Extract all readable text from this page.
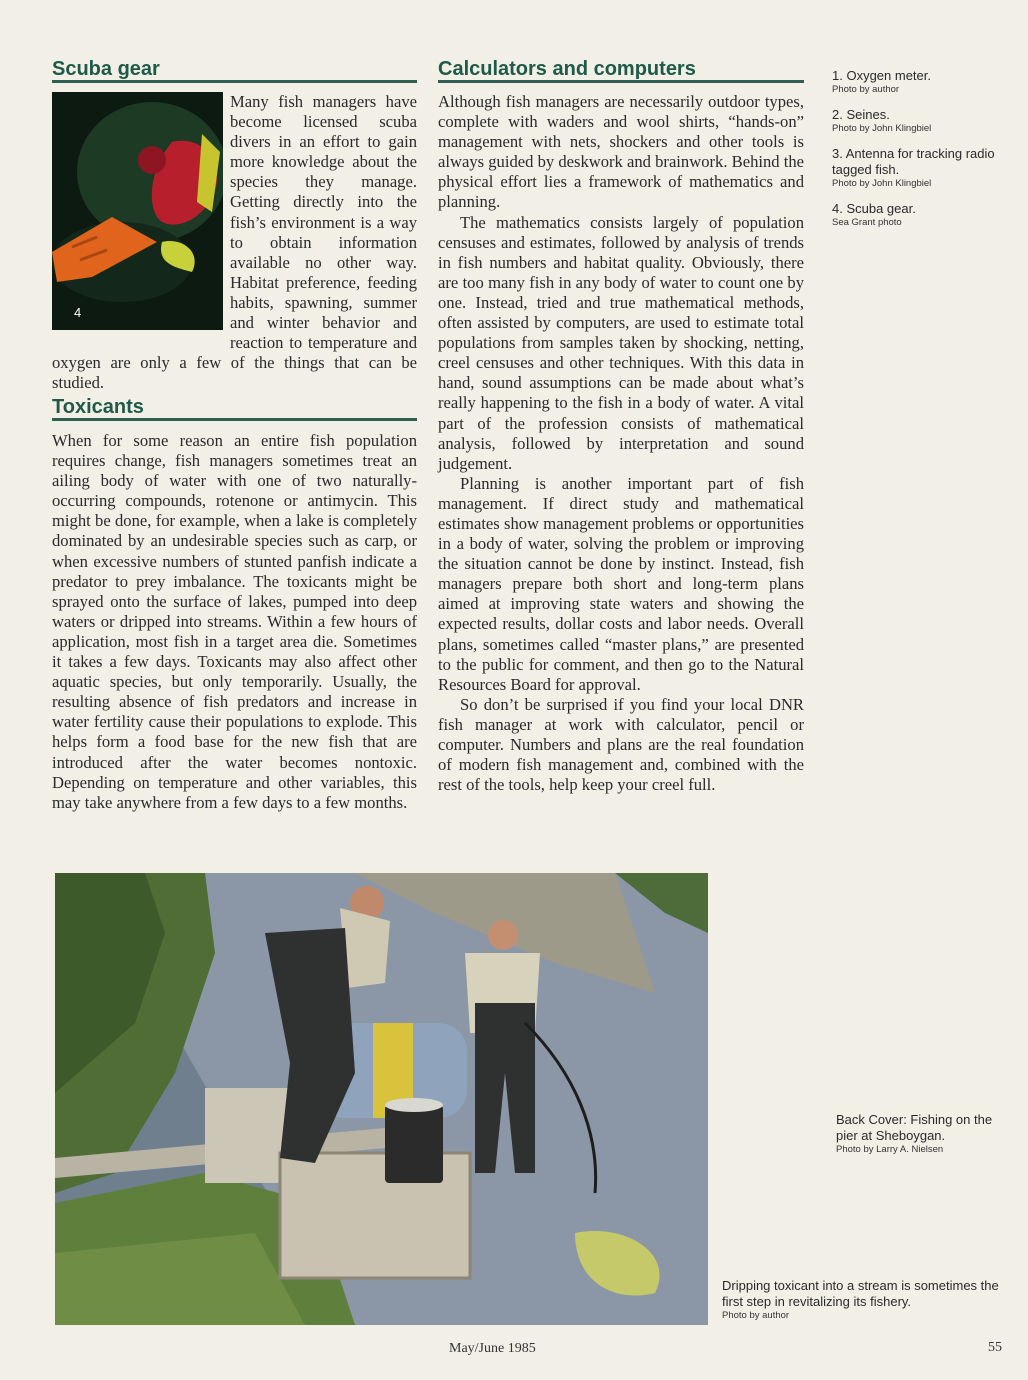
Scuba gear
4
Many fish managers have become licensed scuba divers in an effort to gain more knowledge about the species they manage. Getting directly into the fish’s environment is a way to obtain information available no other way. Habitat preference, feeding habits, spawning, summer and winter behavior and reaction to temperature and oxygen are only a few of the things that can be studied.
Toxicants
When for some reason an entire fish population requires change, fish managers sometimes treat an ailing body of water with one of two naturally-occurring compounds, rotenone or antimycin. This might be done, for example, when a lake is completely dominated by an undesirable species such as carp, or when excessive numbers of stunted panfish indicate a predator to prey imbalance. The toxicants might be sprayed onto the surface of lakes, pumped into deep waters or dripped into streams. Within a few hours of application, most fish in a target area die. Sometimes it takes a few days. Toxicants may also affect other aquatic species, but only temporarily. Usually, the resulting absence of fish predators and increase in water fertility cause their populations to explode. This helps form a food base for the new fish that are introduced after the water becomes nontoxic. Depending on temperature and other variables, this may take anywhere from a few days to a few months.
Calculators and computers

Although fish managers are necessarily outdoor types, complete with waders and wool shirts, “hands-on” management with nets, shockers and other tools is always guided by deskwork and brainwork. Behind the physical effort lies a framework of mathematics and planning.

The mathematics consists largely of population censuses and estimates, followed by analysis of trends in fish numbers and habitat quality. Obviously, there are too many fish in any body of water to count one by one. Instead, tried and true mathematical methods, often assisted by computers, are used to estimate total populations from samples taken by shocking, netting, creel censuses and other techniques. With this data in hand, sound assumptions can be made about what’s really happening to the fish in a body of water. A vital part of the profession consists of mathematical analysis, followed by interpretation and sound judgement.

Planning is another important part of fish management. If direct study and mathematical estimates show management problems or opportunities in a body of water, solving the problem or improving the situation cannot be done by instinct. Instead, fish managers prepare both short and long-term plans aimed at improving state waters and showing the expected results, dollar costs and labor needs. Overall plans, sometimes called “master plans,” are presented to the public for comment, and then go to the Natural Resources Board for approval.

So don’t be surprised if you find your local DNR fish manager at work with calculator, pencil or computer. Numbers and plans are the real foundation of modern fish management and, combined with the rest of the tools, help keep your creel full.

1. Oxygen meter.
Photo by author
2. Seines.
Photo by John Klingbiel
3. Antenna for tracking radio tagged fish.
Photo by John Klingbiel
4. Scuba gear.
Sea Grant photo
Back Cover: Fishing on the pier at Sheboygan.
Photo by Larry A. Nielsen
Dripping toxicant into a stream is sometimes the first step in revitalizing its fishery.
Photo by author
May/June 1985	55
